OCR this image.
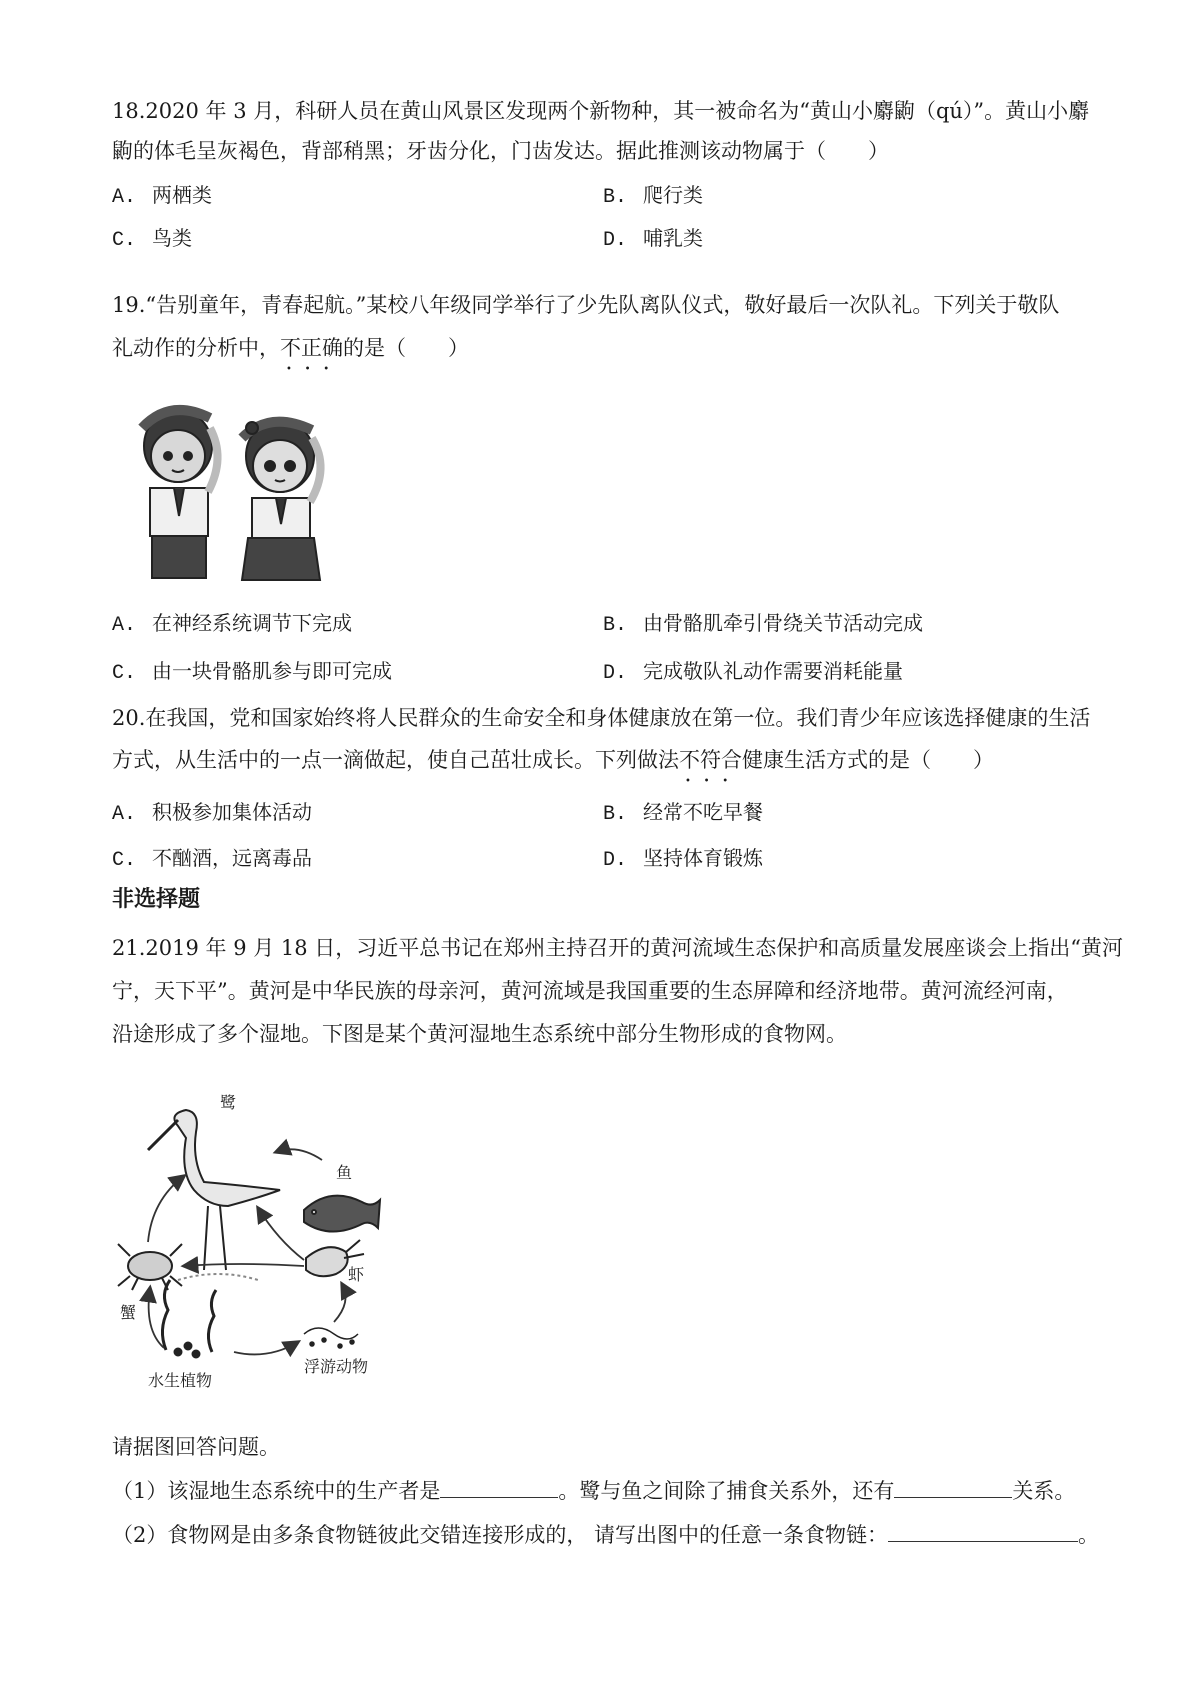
18.2020 年 3 月，科研人员在黄山风景区发现两个新物种，其一被命名为“黄山小麝鼩（qú）”。黄山小麝
鼩的体毛呈灰褐色，背部稍黑；牙齿分化，门齿发达。据此推测该动物属于（　　）
A. 两栖类	B. 爬行类
C. 鸟类	D. 哺乳类
19.“告别童年，青春起航。”某校八年级同学举行了少先队离队仪式，敬好最后一次队礼。下列关于敬队
礼动作的分析中，不正确的是（　　）
A. 在神经系统调节下完成	B. 由骨骼肌牵引骨绕关节活动完成
C. 由一块骨骼肌参与即可完成	D. 完成敬队礼动作需要消耗能量
20.在我国，党和国家始终将人民群众的生命安全和身体健康放在第一位。我们青少年应该选择健康的生活
方式，从生活中的一点一滴做起，使自己茁壮成长。下列做法不符合健康生活方式的是（　　）
A. 积极参加集体活动	B. 经常不吃早餐
C. 不酗酒，远离毒品	D. 坚持体育锻炼
非选择题
21.2019 年 9 月 18 日，习近平总书记在郑州主持召开的黄河流域生态保护和高质量发展座谈会上指出“黄河
宁，天下平”。黄河是中华民族的母亲河，黄河流域是我国重要的生态屏障和经济地带。黄河流经河南，
沿途形成了多个湿地。下图是某个黄河湿地生态系统中部分生物形成的食物网。
鹭
鱼
蟹
虾
浮游动物
水生植物
请据图回答问题。
（1）该湿地生态系统中的生产者是	。鹭与鱼之间除了捕食关系外，还有	关系。
（2）食物网是由多条食物链彼此交错连接形成的， 请写出图中的任意一条食物链：	。
